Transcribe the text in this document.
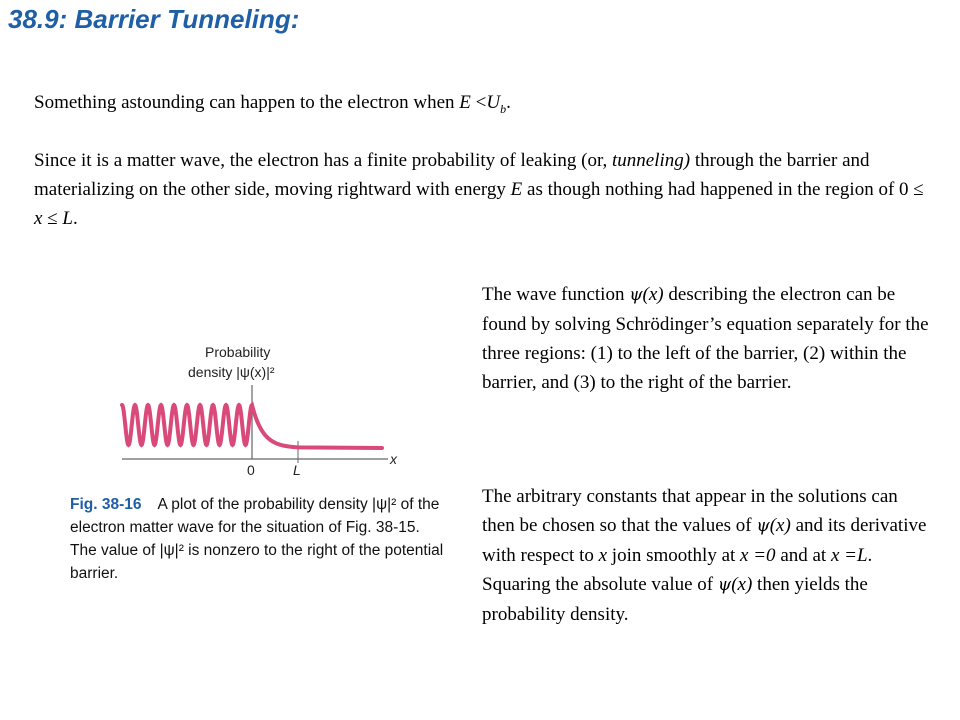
38.9: Barrier Tunneling:

Something astounding can happen to the electron when $E <U_b$.

Since it is a matter wave, the electron has a finite probability of leaking (or, tunneling) through the barrier and materializing on the other side, moving rightward with energy E as though nothing had happened in the region of 0 ≤ x ≤ L.

The wave function ψ(x) describing the electron can be found by solving Schrödinger’s equation separately for the three regions: (1) to the left of the barrier, (2) within the barrier, and (3) to the right of the barrier.

The arbitrary constants that appear in the solutions can then be chosen so that the values of ψ(x) and its derivative with respect to x join smoothly at x =0 and at x =L. Squaring the absolute value of ψ(x) then yields the probability density.

Probability
density |ψ(x)|²
0	L
x
Fig. 38-16 A plot of the probability density |ψ|² of the electron matter wave for the situation of Fig. 38-15. The value of |ψ|² is nonzero to the right of the potential barrier.
